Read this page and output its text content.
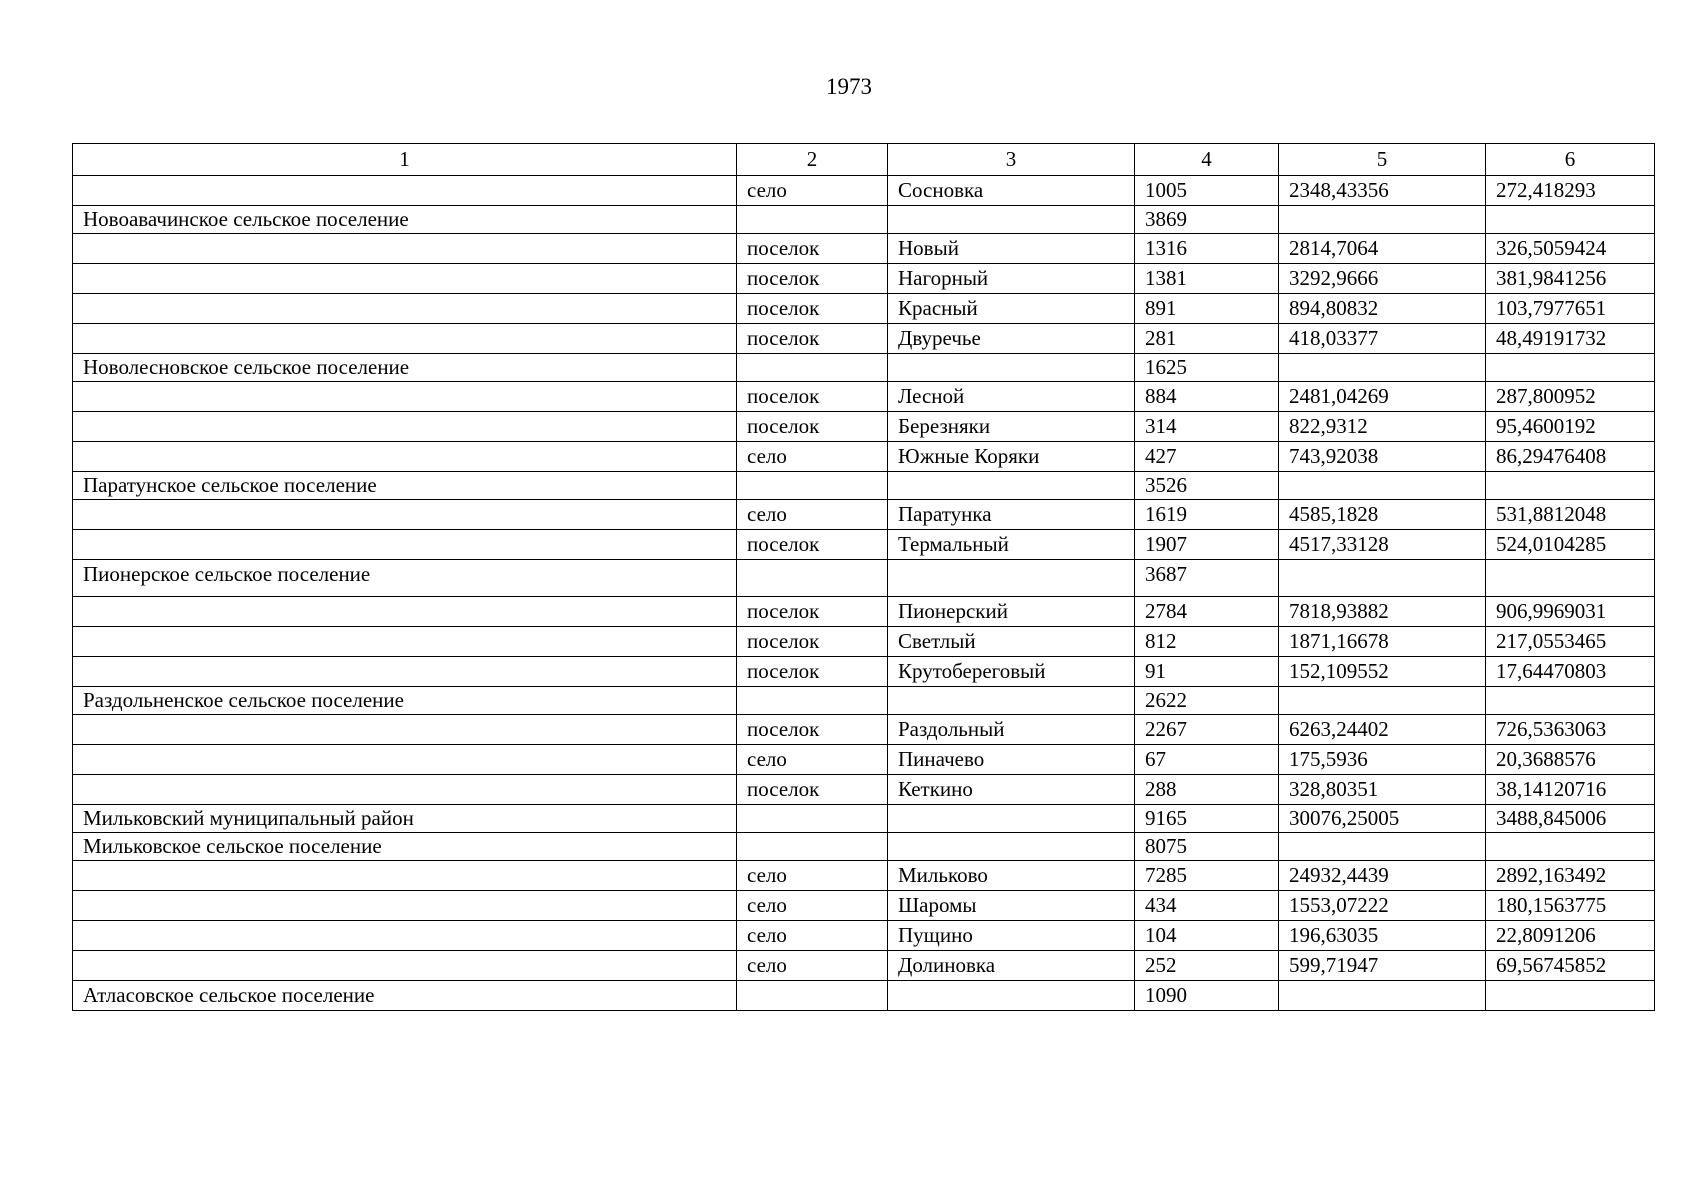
1973
1	2	3	4	5	6
	село	Сосновка	1005	2348,43356	272,418293
Новоавачинское сельское поселение			3869		
	поселок	Новый	1316	2814,7064	326,5059424
	поселок	Нагорный	1381	3292,9666	381,9841256
	поселок	Красный	891	894,80832	103,7977651
	поселок	Двуречье	281	418,03377	48,49191732
Новолесновское сельское поселение			1625		
	поселок	Лесной	884	2481,04269	287,800952
	поселок	Березняки	314	822,9312	95,4600192
	село	Южные Коряки	427	743,92038	86,29476408
Паратунское сельское поселение			3526		
	село	Паратунка	1619	4585,1828	531,8812048
	поселок	Термальный	1907	4517,33128	524,0104285
Пионерское сельское поселение			3687		
	поселок	Пионерский	2784	7818,93882	906,9969031
	поселок	Светлый	812	1871,16678	217,0553465
	поселок	Крутобереговый	91	152,109552	17,64470803
Раздольненское сельское поселение			2622		
	поселок	Раздольный	2267	6263,24402	726,5363063
	село	Пиначево	67	175,5936	20,3688576
	поселок	Кеткино	288	328,80351	38,14120716
Мильковский муниципальный район			9165	30076,25005	3488,845006
Мильковское сельское поселение			8075		
	село	Мильково	7285	24932,4439	2892,163492
	село	Шаромы	434	1553,07222	180,1563775
	село	Пущино	104	196,63035	22,8091206
	село	Долиновка	252	599,71947	69,56745852
Атласовское сельское поселение			1090		
